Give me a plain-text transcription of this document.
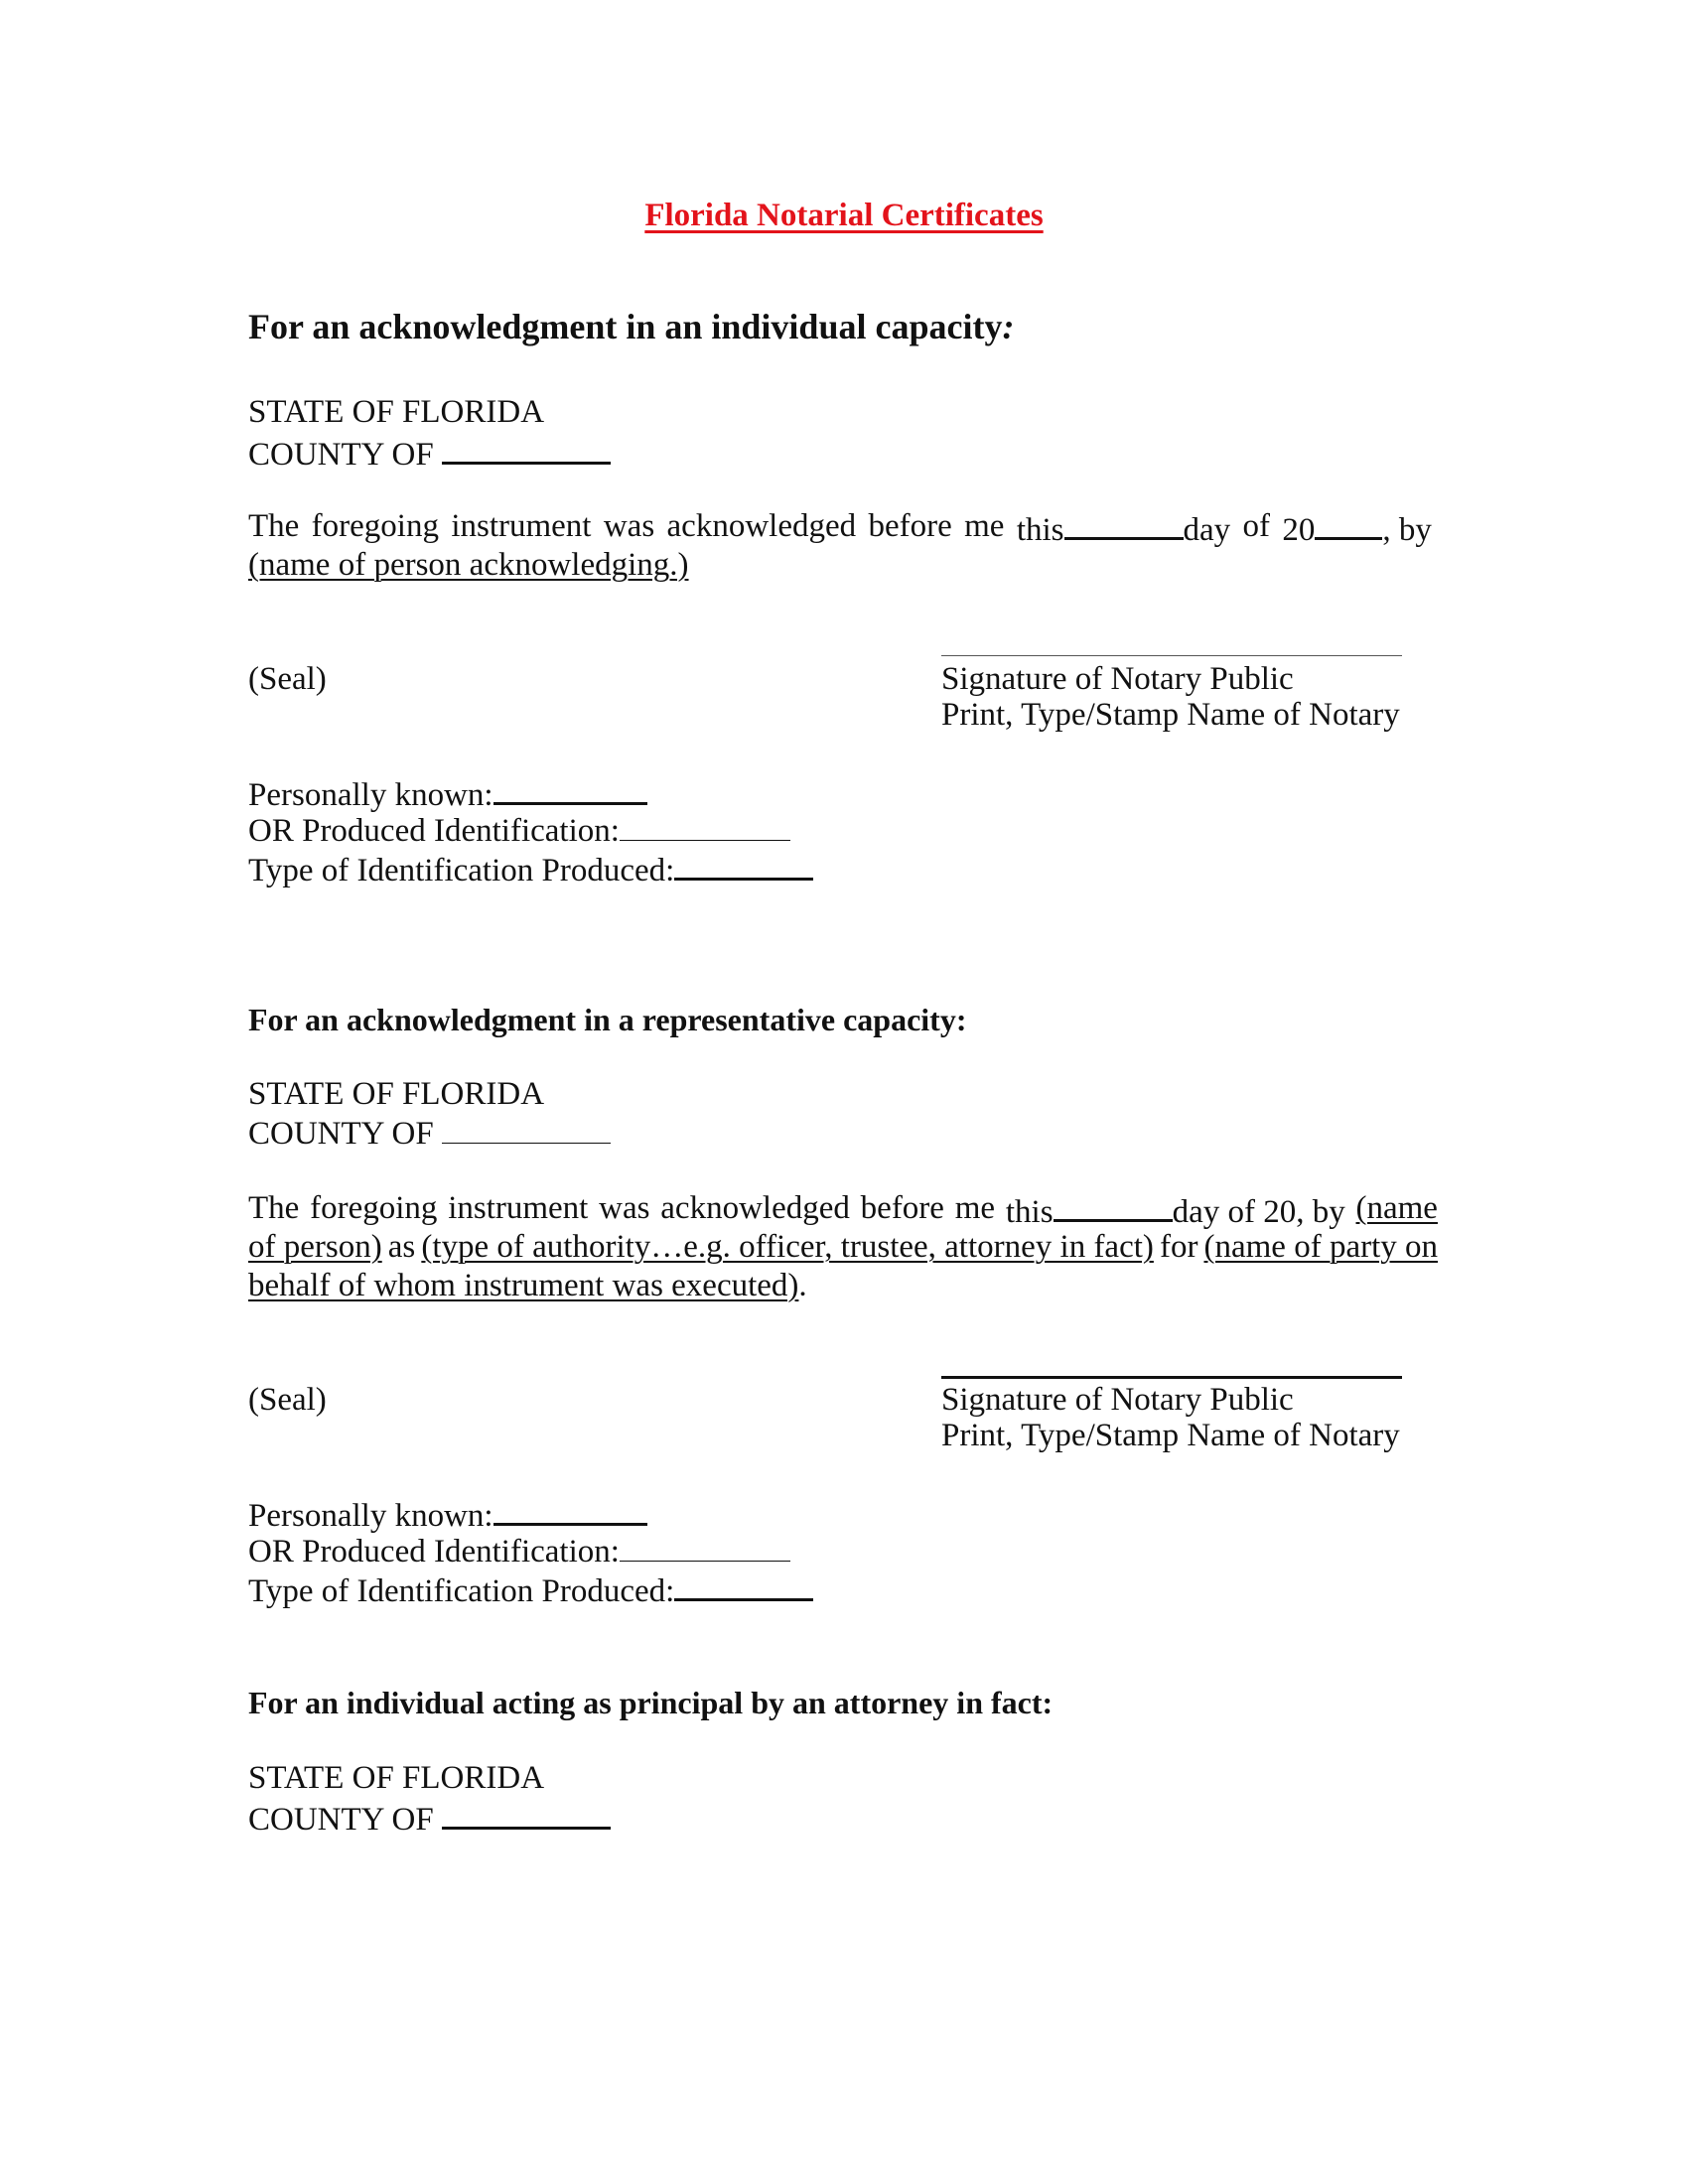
Florida Notarial Certificates
For an acknowledgment in an individual capacity:
STATE OF FLORIDA
COUNTY OF
The foregoing instrument was acknowledged before me this	day of 20 , by
(name of person acknowledging.)
(Seal)	Signature of Notary Public
Print, Type/Stamp Name of Notary
Personally known:
OR Produced Identification:
Type of Identification Produced:
For an acknowledgment in a representative capacity:
STATE OF FLORIDA
COUNTY OF
The foregoing instrument was acknowledged before me this	day of 20, by (name
of person) as (type of authority…e.g. officer, trustee, attorney in fact) for (name of party on
behalf of whom instrument was executed).
(Seal)	Signature of Notary Public
Print, Type/Stamp Name of Notary
Personally known:
OR Produced Identification:
Type of Identification Produced:
For an individual acting as principal by an attorney in fact:
STATE OF FLORIDA
COUNTY OF
